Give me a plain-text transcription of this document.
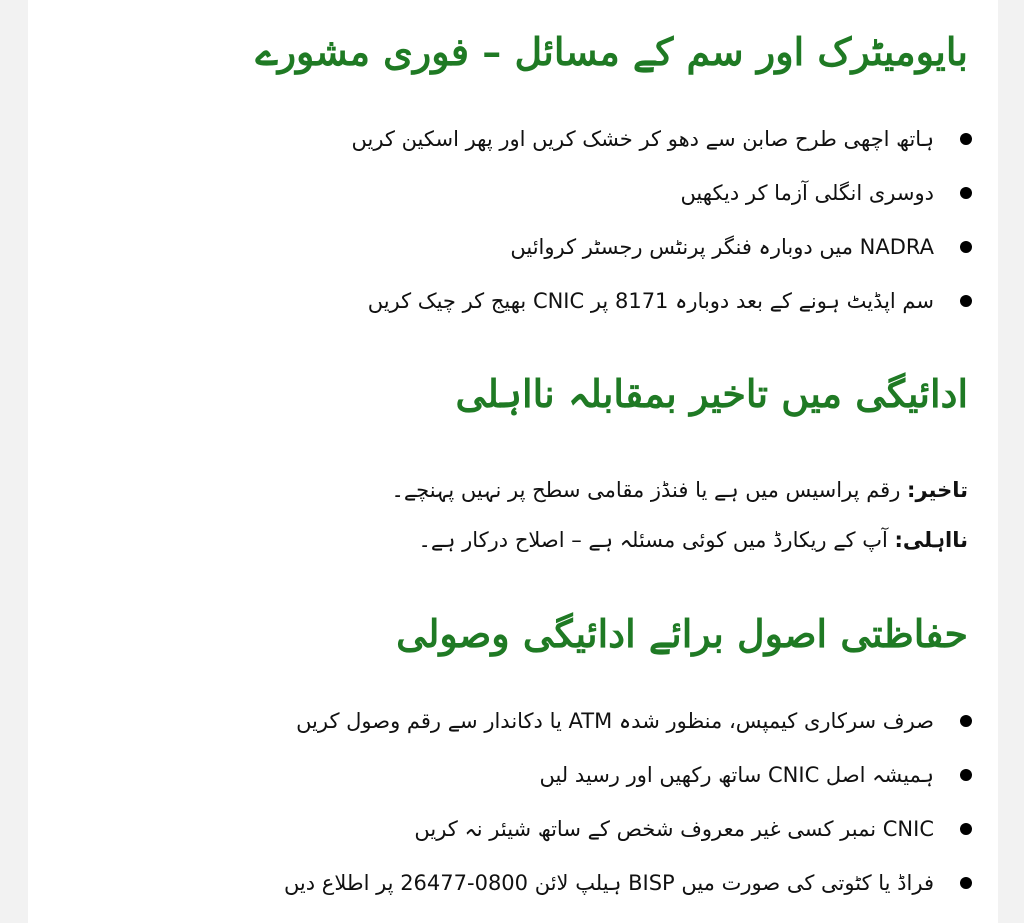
بایومیٹرک اور سم کے مسائل – فوری مشورے
ہاتھ اچھی طرح صابن سے دھو کر خشک کریں اور پھر اسکین کریں
دوسری انگلی آزما کر دیکھیں
NADRA میں دوبارہ فنگر پرنٹس رجسٹر کروائیں
سم اپڈیٹ ہونے کے بعد دوبارہ 8171 پر CNIC بھیج کر چیک کریں
ادائیگی میں تاخیر بمقابلہ نااہلی

تاخیر: رقم پراسیس میں ہے یا فنڈز مقامی سطح پر نہیں پہنچے۔

نااہلی: آپ کے ریکارڈ میں کوئی مسئلہ ہے – اصلاح درکار ہے۔

حفاظتی اصول برائے ادائیگی وصولی
صرف سرکاری کیمپس، منظور شدہ ATM یا دکاندار سے رقم وصول کریں
ہمیشہ اصل CNIC ساتھ رکھیں اور رسید لیں
CNIC نمبر کسی غیر معروف شخص کے ساتھ شیئر نہ کریں
فراڈ یا کٹوتی کی صورت میں BISP ہیلپ لائن 0800-26477 پر اطلاع دیں
